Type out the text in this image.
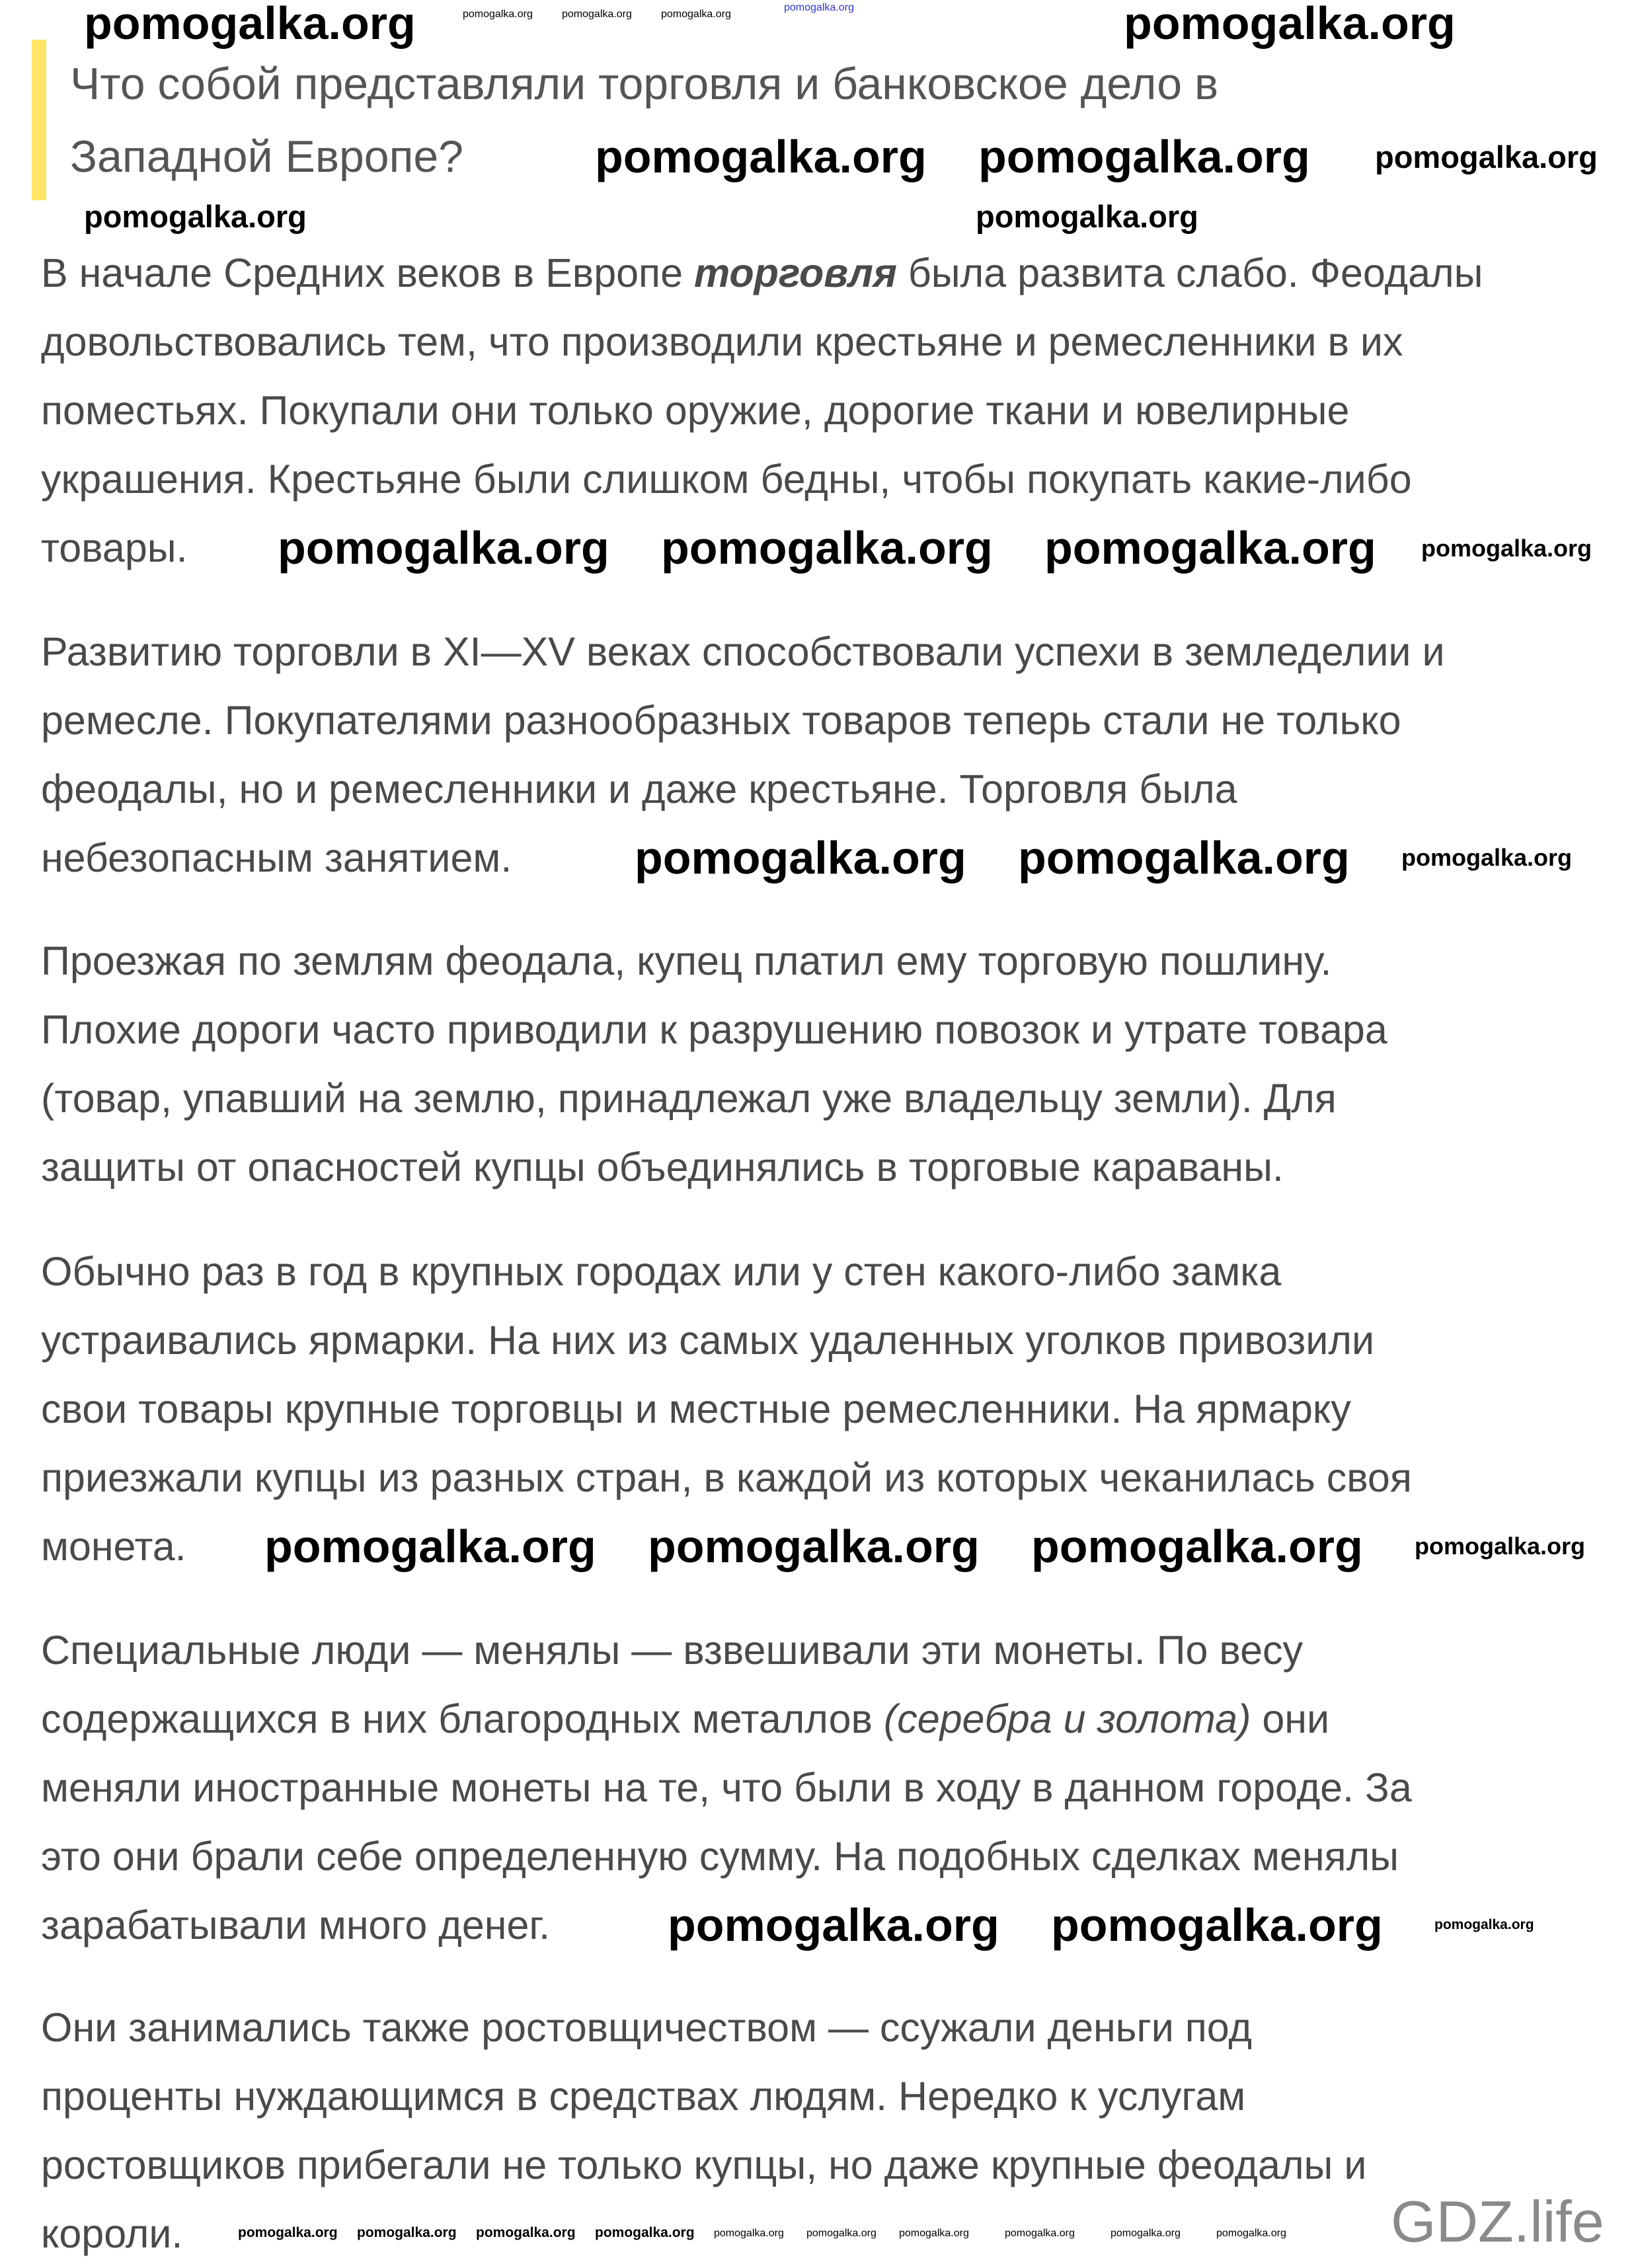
pomogalka.org
Что собой представляли торговля и банковское дело в
Западной Европе?
В начале Средних веков в Европе торговля была развита слабо. Феодалы
довольствовались тем, что производили крестьяне и ремесленники в их
поместьях. Покупали они только оружие, дорогие ткани и ювелирные
украшения. Крестьяне были слишком бедны, чтобы покупать какие-либо
товары.
Развитию торговли в XI—XV веках способствовали успехи в земледелии и
ремесле. Покупателями разнообразных товаров теперь стали не только
феодалы, но и ремесленники и даже крестьяне. Торговля была
небезопасным занятием.
Проезжая по землям феодала, купец платил ему торговую пошлину.
Плохие дороги часто приводили к разрушению повозок и утрате товара
(товар, упавший на землю, принадлежал уже владельцу земли). Для
защиты от опасностей купцы объединялись в торговые караваны.
Обычно раз в год в крупных городах или у стен какого-либо замка
устраивались ярмарки. На них из самых удаленных уголков привозили
свои товары крупные торговцы и местные ремесленники. На ярмарку
приезжали купцы из разных стран, в каждой из которых чеканилась своя
монета.
Специальные люди — менялы — взвешивали эти монеты. По весу
содержащихся в них благородных металлов (серебра и золота) они
меняли иностранные монеты на те, что были в ходу в данном городе. За
это они брали себе определенную сумму. На подобных сделках менялы
зарабатывали много денег.
Они занимались также ростовщичеством — ссужали деньги под
проценты нуждающимся в средствах людям. Нередко к услугам
ростовщиков прибегали не только купцы, но даже крупные феодалы и
короли.
pomogalka.org	pomogalka.org
pomogalka.org	pomogalka.org	pomogalka.org
pomogalka.org pomogalka.org pomogalka.org
pomogalka.org	pomogalka.org
pomogalka.org pomogalka.org pomogalka.org pomogalka.org
pomogalka.org pomogalka.org pomogalka.org
pomogalka.org pomogalka.org pomogalka.org pomogalka.org
pomogalka.org pomogalka.org	pomogalka.org
pomogalka.org pomogalka.org pomogalka.org pomogalka.org pomogalka.org pomogalka.org pomogalka.org	pomogalka.org	pomogalka.org	pomogalka.org GDZ.life
